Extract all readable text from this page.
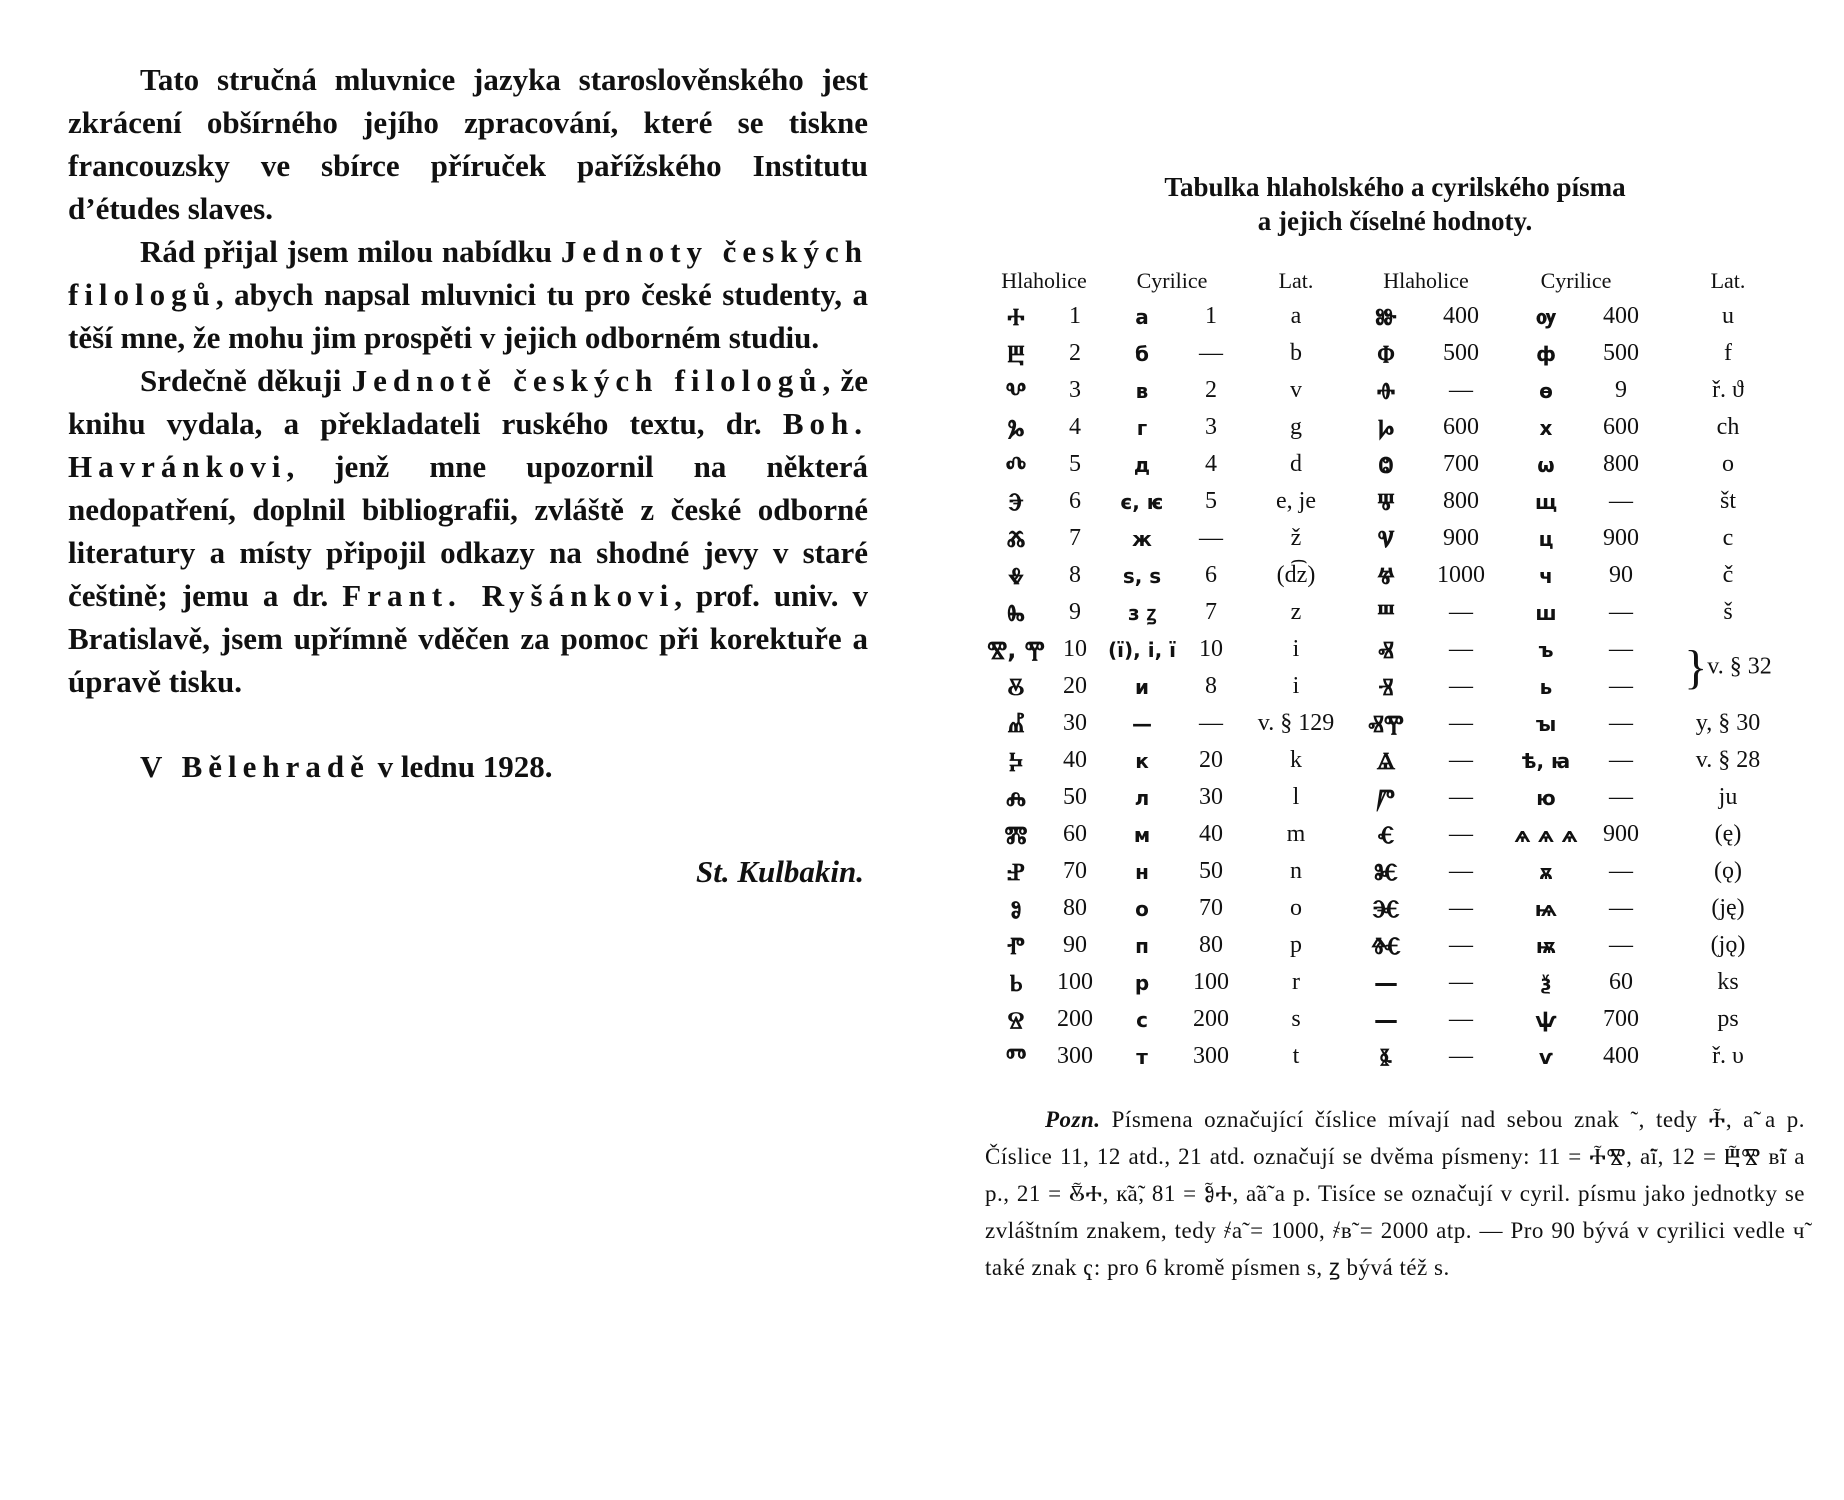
Tato stručná mluvnice jazyka staroslověnského jest zkrácení obšírného jejího zpracování, které se tiskne francouzsky ve sbírce příruček pařížského Institutu d’études slaves.

Rád přijal jsem milou nabídku Jednoty českých filologů, abych napsal mluvnici tu pro české studenty, a těší mne, že mohu jim prospěti v jejich odborném studiu.

Srdečně děkuji Jednotě českých filologů, že knihu vydala, a překladateli ruského textu, dr. Boh. Havránkovi, jenž mne upozornil na některá nedopatření, doplnil bibliografii, zvláště z české odborné literatury a místy připojil odkazy na shodné jevy v staré češtině; jemu a dr. Frant. Ryšánkovi, prof. univ. v Bratislavě, jsem upřímně vděčen za pomoc při korektuře a úpravě tisku.

V Bělehradě v lednu 1928.

St. Kulbakin.
Tabulka hlaholského a cyrilského písma
a jejich číselné hodnoty.
Hlaholice		Cyrilice		Lat.	Hlaholice		Cyrilice		Lat.
Ⰰ	1	а	1	a	Ⱆ	400	ѹ	400	u
Ⰱ	2	б	—	b	Ⱇ	500	ф	500	f
Ⰲ	3	в	2	v	Ⱚ	—	ѳ	9	ř. ϑ
Ⰳ	4	г	3	g	Ⱈ	600	х	600	ch
Ⰴ	5	д	4	d	Ⱉ	700	ѡ	800	o
Ⰵ	6	є, ѥ	5	e, je	Ⱋ	800	щ	—	št
Ⰶ	7	ж	—	ž	Ⱌ	900	ц	900	c
Ⰷ	8	ѕ, ѕ	6	(d͡z)	Ⱍ	1000	ч	90	č
Ⰸ	9	з ꙁ	7	z	Ⱎ	—	ш	—	š
Ⰺ, Ⰹ	10	(ї), і, ї	10	i	Ⱏ	—	ъ	—	}v. § 32
Ⰻ	20	и	8	i	Ⱐ	—	ь	—	
Ⰼ	30	—	—	v. § 129	ⰟⰉ	—	ꙑ	—	y, § 30
Ⰽ	40	к	20	k	Ⱑ	—	ѣ, ꙗ	—	v. § 28
Ⰾ	50	л	30	l	Ⱓ	—	ю	—	ju
Ⰿ	60	м	40	m	Ⱔ	—	ѧ ѧ ѧ	900	(ę)
Ⱀ	70	н	50	n	Ⱘ	—	ѫ	—	(ǫ)
Ⱁ	80	о	70	o	Ⱗ	—	ѩ	—	(ję)
Ⱂ	90	п	80	p	Ⱙ	—	ѭ	—	(jǫ)
Ⱃ	100	р	100	r	—	—	ѯ	60	ks
Ⱄ	200	с	200	s	—	—	ѱ	700	ps
Ⱅ	300	т	300	t	Ⱛ	—	ѵ	400	ř. υ

Pozn. Písmena označující číslice mívají nad sebou znak ˜, tedy Ⰰ̃, а̃ a p. Číslice 11, 12 atd., 21 atd. označují se dvěma písmeny: 11 = Ⰰ̃Ⰺ, а̃ї, 12 = Ⰱ̃Ⰺ в̃ї a p., 21 = Ⰻ̃Ⰰ, к̃а̃, 81 = Ⱁ̃Ⰰ, а̃а̃ a p. Tisíce se označují v cyril. písmu jako jednotky se zvláštním znakem, tedy ҂а̃ = 1000, ҂в̃ = 2000 atp. — Pro 90 bývá v cyrilici vedle ч̃ také znak ҁ: pro 6 kromě písmen ѕ, ꙁ bývá též ѕ.
